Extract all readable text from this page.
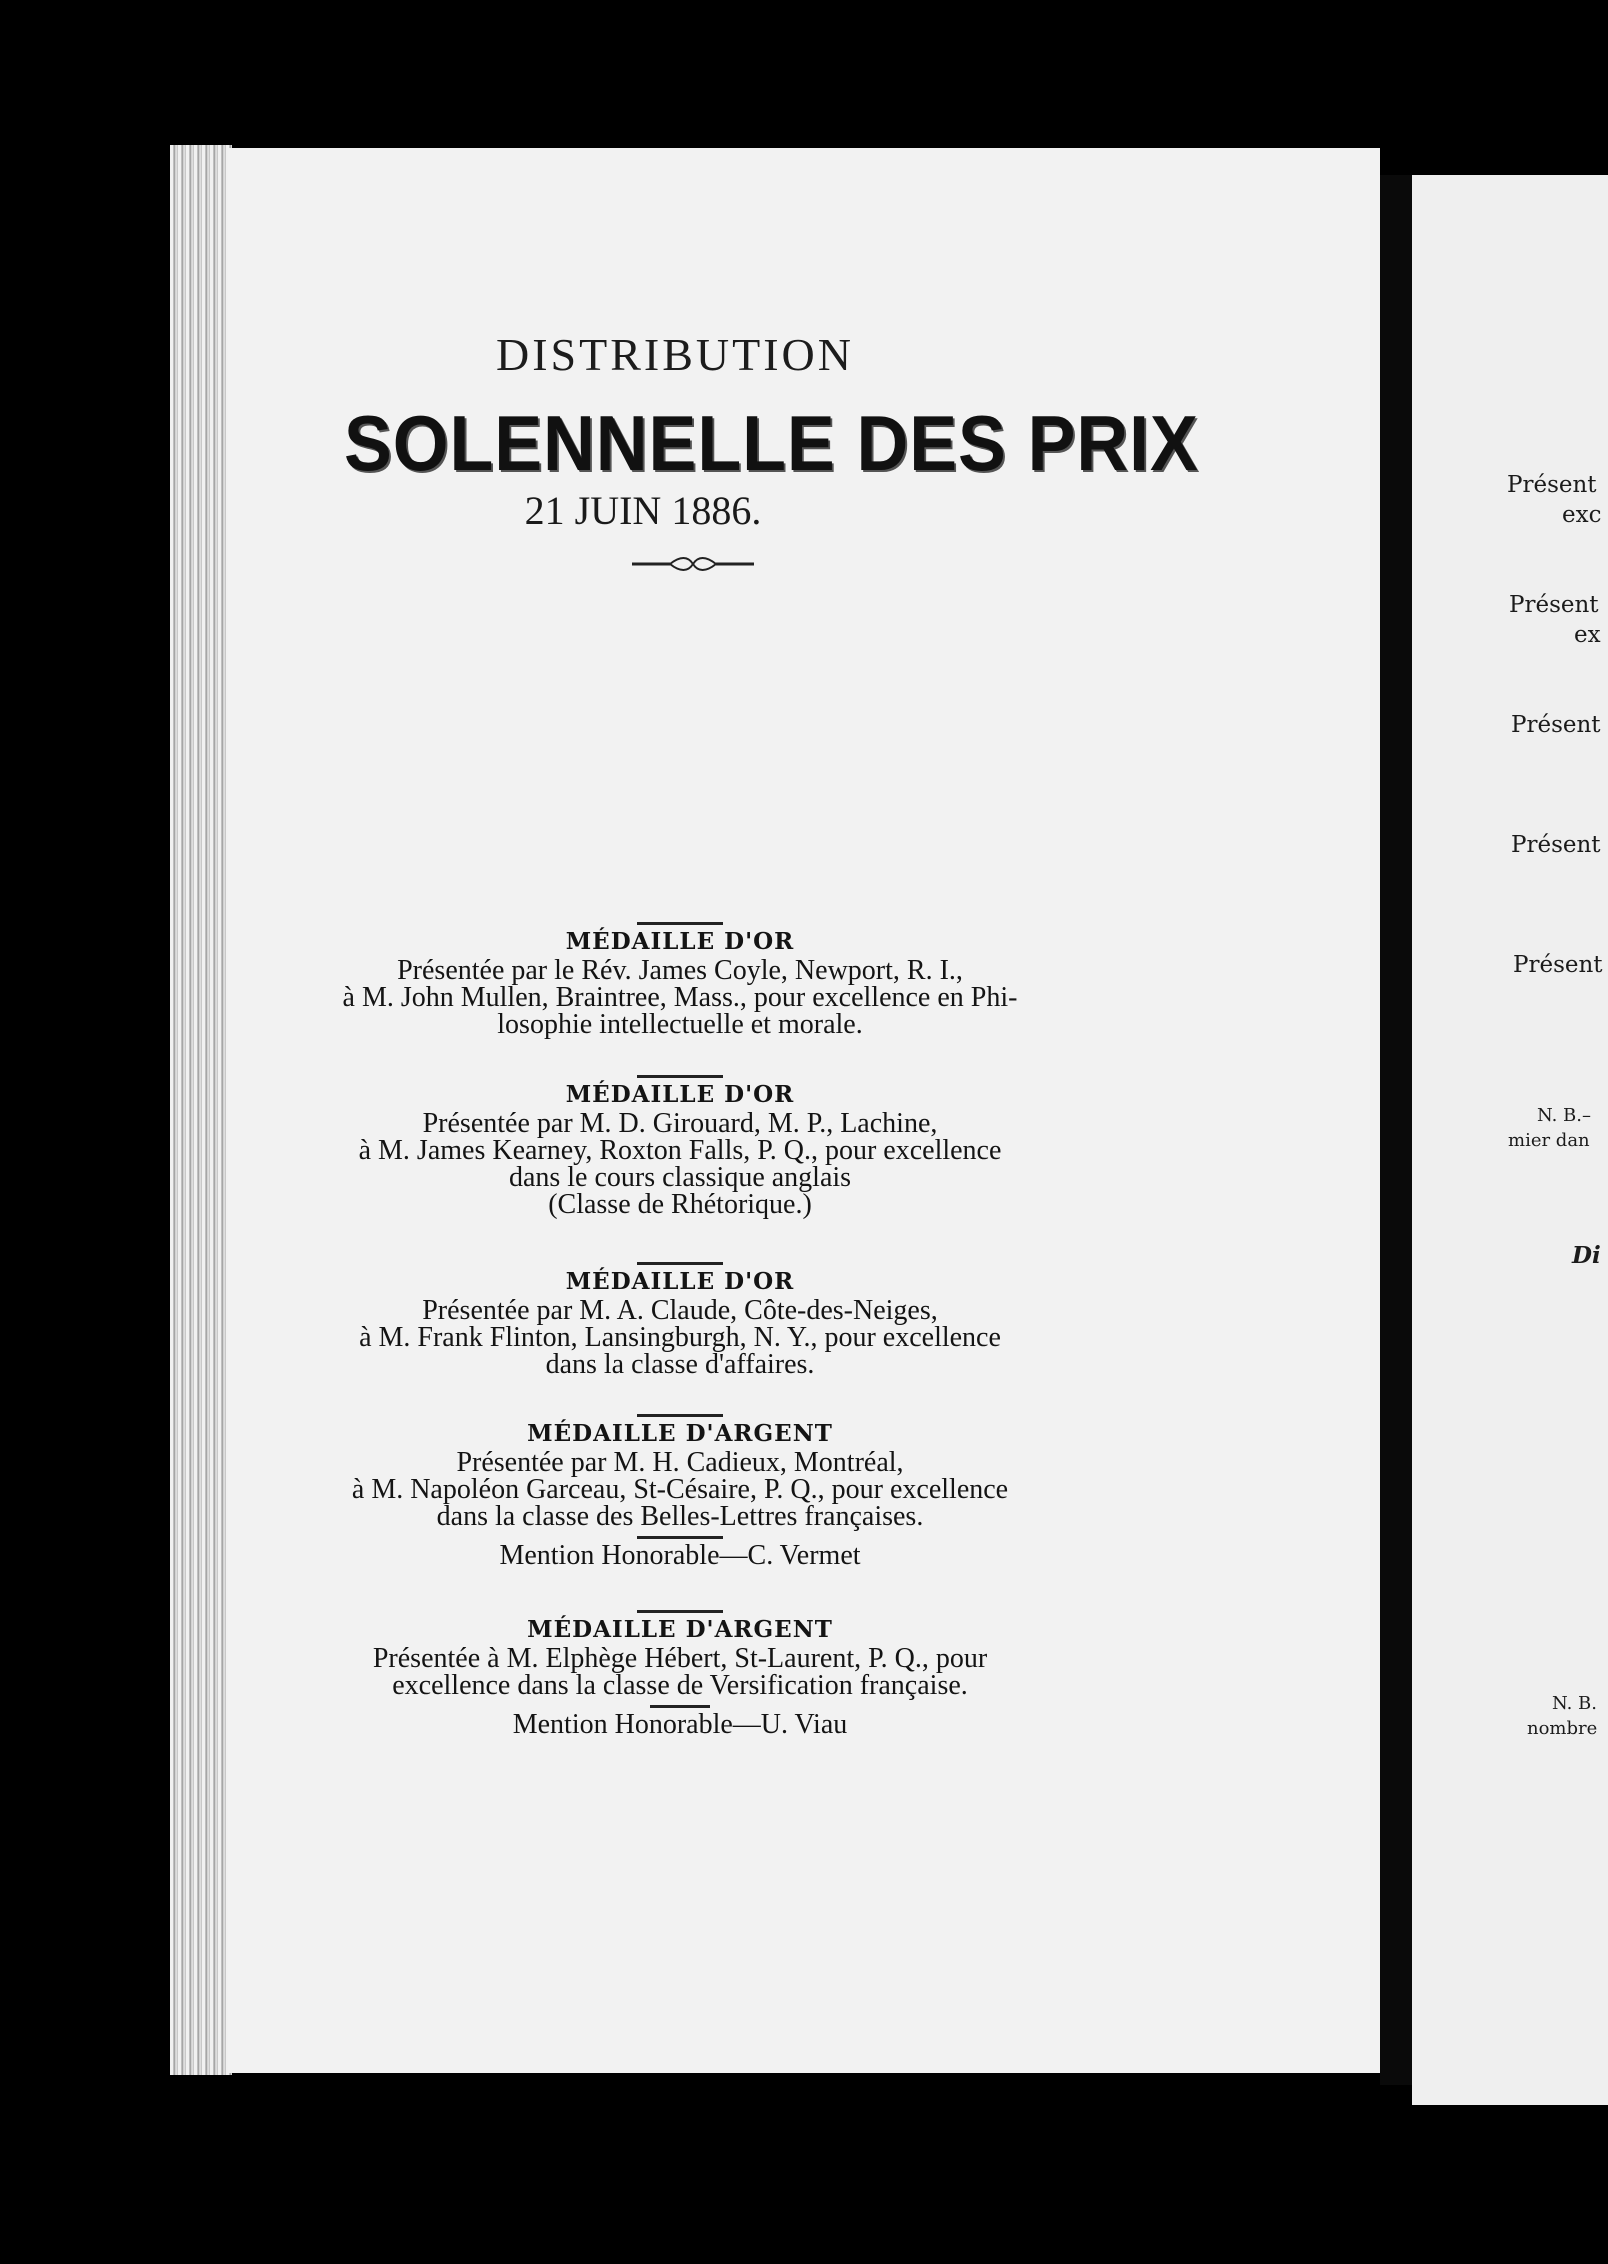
DISTRIBUTION
SOLENNELLE DES PRIX
21 JUIN 1886.
MÉDAILLE D'OR
Présentée par le Rév. James Coyle, Newport, R. I.,
à M. John Mullen, Braintree, Mass., pour excellence en Phi-
losophie intellectuelle et morale.
MÉDAILLE D'OR
Présentée par M. D. Girouard, M. P., Lachine,
à M. James Kearney, Roxton Falls, P. Q., pour excellence
dans le cours classique anglais
(Classe de Rhétorique.)
MÉDAILLE D'OR
Présentée par M. A. Claude, Côte-des-Neiges,
à M. Frank Flinton, Lansingburgh, N. Y., pour excellence
dans la classe d'affaires.
MÉDAILLE D'ARGENT
Présentée par M. H. Cadieux, Montréal,
à M. Napoléon Garceau, St-Césaire, P. Q., pour excellence
dans la classe des Belles-Lettres françaises.
Mention Honorable—C. Vermet
MÉDAILLE D'ARGENT
Présentée à M. Elphège Hébert, St-Laurent, P. Q., pour
excellence dans la classe de Versification française.
Mention Honorable—U. Viau
Présent
exc
Présent
ex
Présent
Présent
Présent
N. B.–
mier dan
Di
N. B.
nombre
